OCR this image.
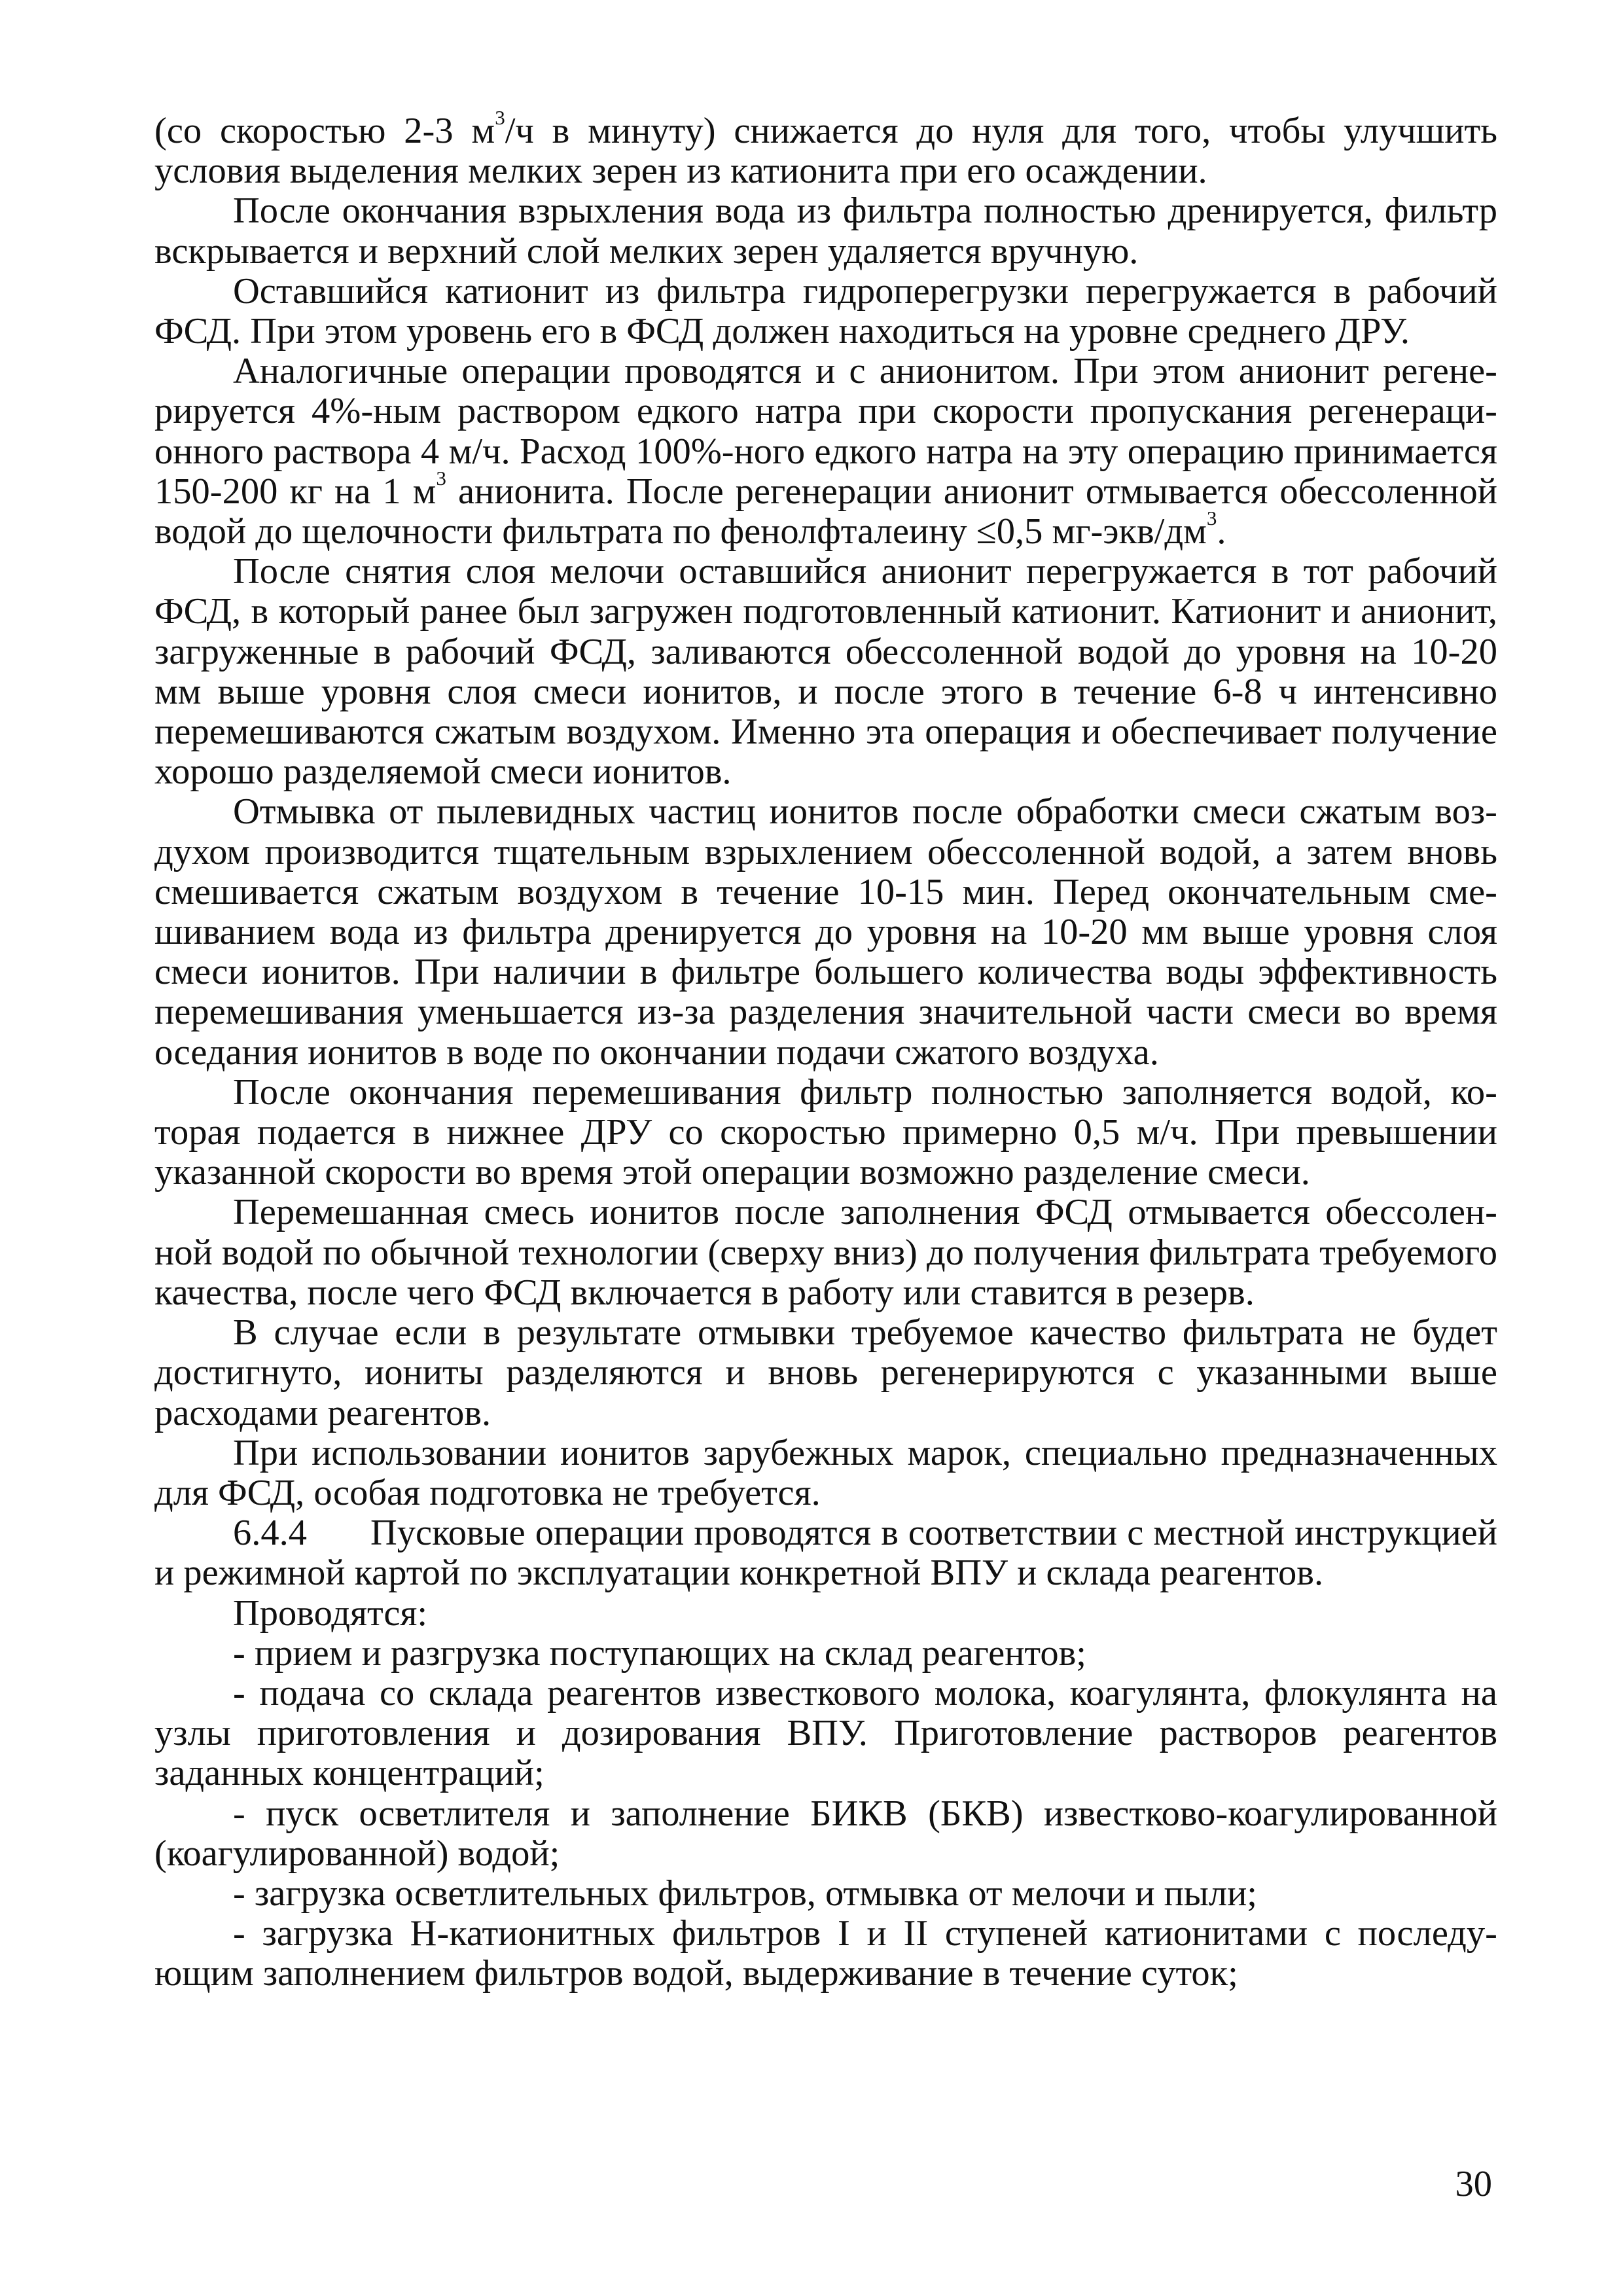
(со скоростью 2-3 $м^3/ч$ в минуту) снижается до нуля для того, чтобы улучшить условия выделения мелких зерен из катионита при его осаждении.

После окончания взрыхления вода из фильтра полностью дренируется, фильтр вскрывается и верхний слой мелких зерен удаляется вручную.

Оставшийся катионит из фильтра гидроперегрузки перегружается в рабочий ФСД. При этом уровень его в ФСД должен находиться на уровне среднего ДРУ.

Аналогичные операции проводятся и с анионитом. При этом анионит регенерируется 4%-ным раствором едкого натра при скорости пропускания регенерационного раствора 4 м/ч. Расход 100%-ного едкого натра на эту операцию принимается 150-200 кг на 1 $м^3$ анионита. После регенерации анионит отмывается обессоленной водой до щелочности фильтрата по фенолфталеину ≤0,5 $мг-экв/дм^3$.

После снятия слоя мелочи оставшийся анионит перегружается в тот рабочий ФСД, в который ранее был загружен подготовленный катионит. Катионит и анионит, загруженные в рабочий ФСД, заливаются обессоленной водой до уровня на 10-20 мм выше уровня слоя смеси ионитов, и после этого в течение 6-8 ч интенсивно перемешиваются сжатым воздухом. Именно эта операция и обеспечивает получение хорошо разделяемой смеси ионитов.

Отмывка от пылевидных частиц ионитов после обработки смеси сжатым воздухом производится тщательным взрыхлением обессоленной водой, а затем вновь смешивается сжатым воздухом в течение 10-15 мин. Перед окончательным смешиванием вода из фильтра дренируется до уровня на 10-20 мм выше уровня слоя смеси ионитов. При наличии в фильтре большего количества воды эффективность перемешивания уменьшается из-за разделения значительной части смеси во время оседания ионитов в воде по окончании подачи сжатого воздуха.

После окончания перемешивания фильтр полностью заполняется водой, которая подается в нижнее ДРУ со скоростью примерно 0,5 м/ч. При превышении указанной скорости во время этой операции возможно разделение смеси.

Перемешанная смесь ионитов после заполнения ФСД отмывается обессоленной водой по обычной технологии (сверху вниз) до получения фильтрата требуемого качества, после чего ФСД включается в работу или ставится в резерв.

В случае если в результате отмывки требуемое качество фильтрата не будет достигнуто, иониты разделяются и вновь регенерируются с указанными выше расходами реагентов.

При использовании ионитов зарубежных марок, специально предназначенных для ФСД, особая подготовка не требуется.

6.4.4 Пусковые операции проводятся в соответствии с местной инструкцией и режимной картой по эксплуатации конкретной ВПУ и склада реагентов.

Проводятся:

- прием и разгрузка поступающих на склад реагентов;

- подача со склада реагентов известкового молока, коагулянта, флокулянта на узлы приготовления и дозирования ВПУ. Приготовление растворов реагентов заданных концентраций;

- пуск осветлителя и заполнение БИКВ (БКВ) известково-коагулированной (коагулированной) водой;

- загрузка осветлительных фильтров, отмывка от мелочи и пыли;

- загрузка Н-катионитных фильтров I и II ступеней катионитами с последующим заполнением фильтров водой, выдерживание в течение суток;

30
